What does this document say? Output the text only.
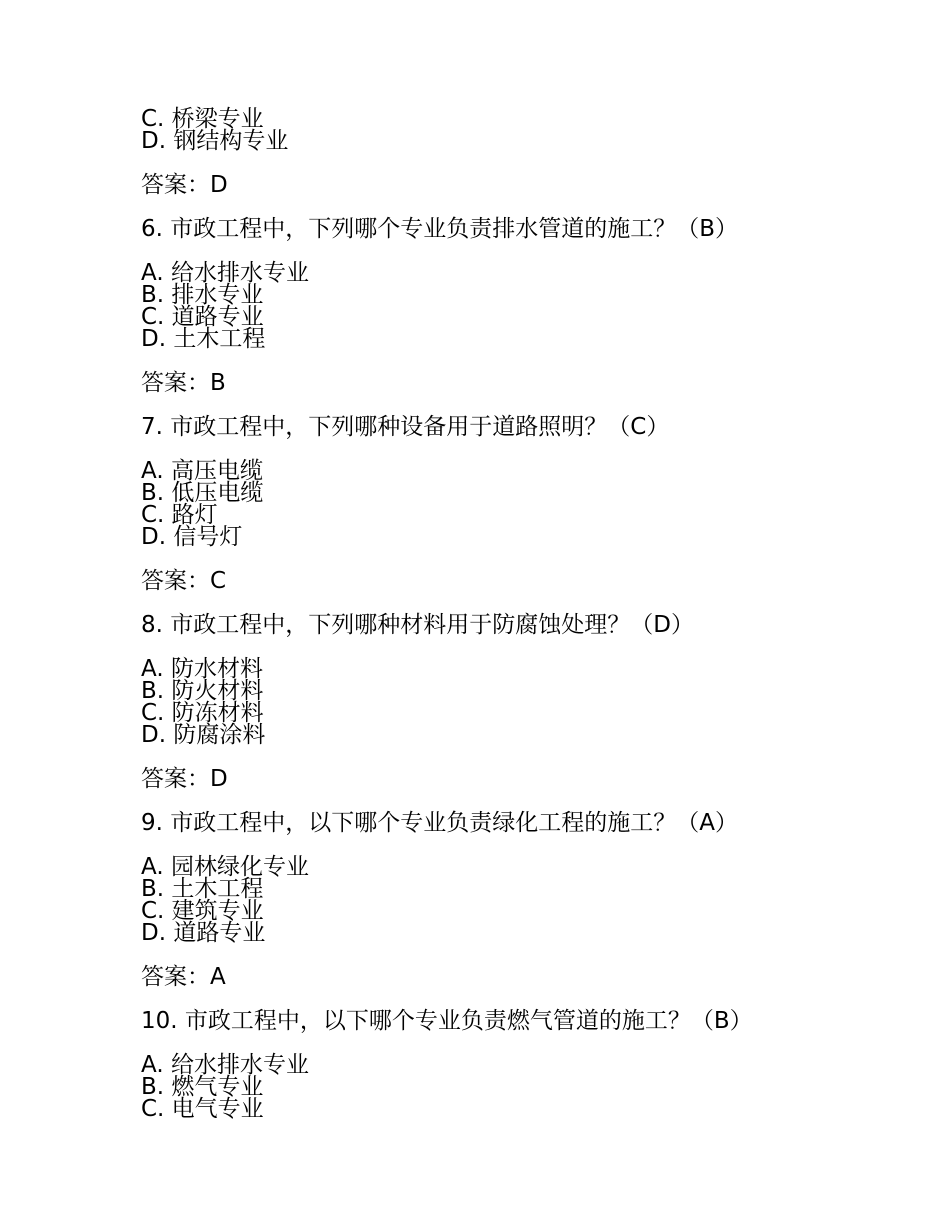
C. 桥梁专业
D. 钢结构专业
答案：D
6. 市政工程中，下列哪个专业负责排水管道的施工？（B）
A. 给水排水专业
B. 排水专业
C. 道路专业
D. 土木工程
答案：B
7. 市政工程中，下列哪种设备用于道路照明？（C）
A. 高压电缆
B. 低压电缆
C. 路灯
D. 信号灯
答案：C
8. 市政工程中，下列哪种材料用于防腐蚀处理？（D）
A. 防水材料
B. 防火材料
C. 防冻材料
D. 防腐涂料
答案：D
9. 市政工程中，以下哪个专业负责绿化工程的施工？（A）
A. 园林绿化专业
B. 土木工程
C. 建筑专业
D. 道路专业
答案：A
10. 市政工程中，以下哪个专业负责燃气管道的施工？（B）
A. 给水排水专业
B. 燃气专业
C. 电气专业
